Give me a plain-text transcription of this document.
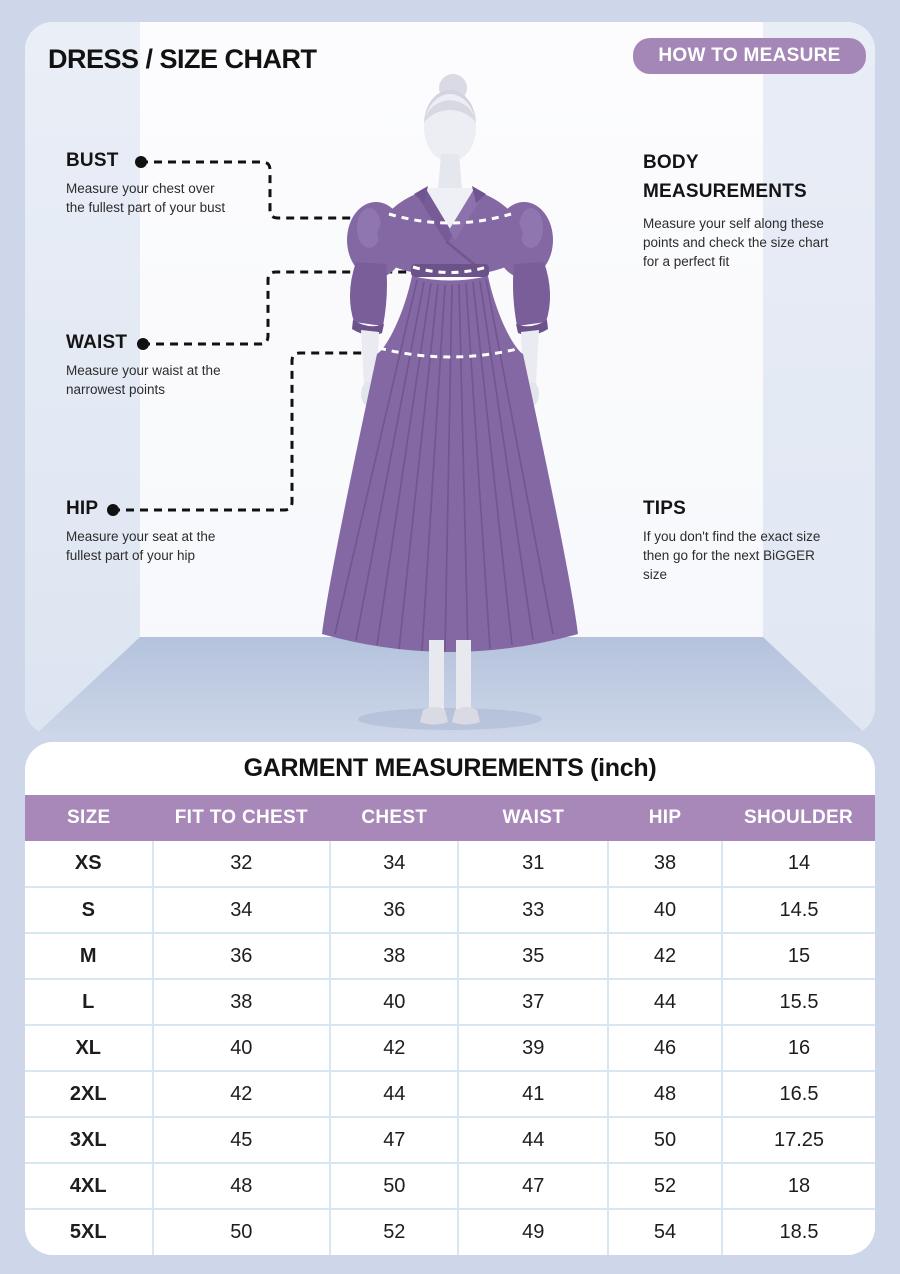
DRESS / SIZE CHART	HOW TO MEASURE
BUST

Measure your chest over the fullest part of your bust

WAIST

Measure your waist at the narrowest points

HIP

Measure your seat at the fullest part of your hip

BODY MEASUREMENTS

Measure your self along these points and check the size chart for a perfect fit

TIPS

If you don't find the exact size then go for the next BiGGER size

GARMENT MEASUREMENTS (inch)
SIZE	FIT TO CHEST	CHEST	WAIST	HIP	SHOULDER
XS	32	34	31	38	14
S	34	36	33	40	14.5
M	36	38	35	42	15
L	38	40	37	44	15.5
XL	40	42	39	46	16
2XL	42	44	41	48	16.5
3XL	45	47	44	50	17.25
4XL	48	50	47	52	18
5XL	50	52	49	54	18.5
